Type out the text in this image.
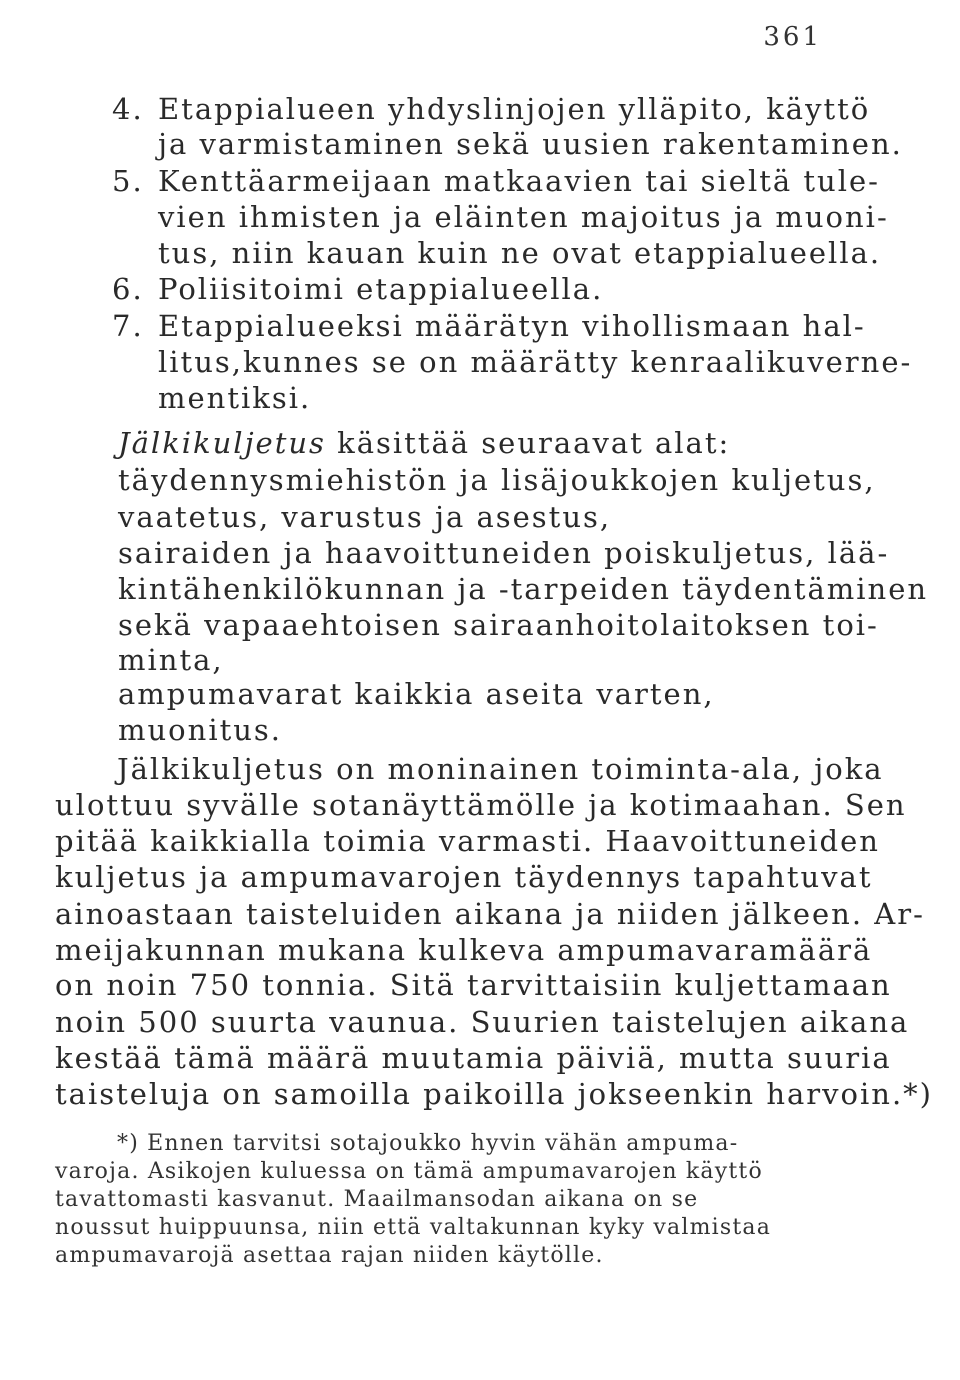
361
4. Etappialueen yhdyslinjojen ylläpito, käyttö
ja varmistaminen sekä uusien rakentaminen.
5. Kenttäarmeijaan matkaavien tai sieltä tule-
vien ihmisten ja eläinten majoitus ja muoni-
tus, niin kauan kuin ne ovat etappialueella.
6. Poliisitoimi etappialueella.
7. Etappialueeksi määrätyn vihollismaan hal-
litus,kunnes se on määrätty kenraalikuverne-
mentiksi.
Jälkikuljetus käsittää seuraavat alat:
täydennysmiehistön ja lisäjoukkojen kuljetus,
vaatetus, varustus ja asestus,
sairaiden ja haavoittuneiden poiskuljetus, lää-
kintähenkilökunnan ja -tarpeiden täydentäminen
sekä vapaaehtoisen sairaanhoitolaitoksen toi-
minta,
ampumavarat kaikkia aseita varten,
muonitus.
Jälkikuljetus on moninainen toiminta-ala, joka
ulottuu syvälle sotanäyttämölle ja kotimaahan. Sen
pitää kaikkialla toimia varmasti. Haavoittuneiden
kuljetus ja ampumavarojen täydennys tapahtuvat
ainoastaan taisteluiden aikana ja niiden jälkeen. Ar-
meijakunnan mukana kulkeva ampumavaramäärä
on noin 750 tonnia. Sitä tarvittaisiin kuljettamaan
noin 500 suurta vaunua. Suurien taistelujen aikana
kestää tämä määrä muutamia päiviä, mutta suuria
taisteluja on samoilla paikoilla jokseenkin harvoin.*)
*) Ennen tarvitsi sotajoukko hyvin vähän ampuma-
varoja. Asikojen kuluessa on tämä ampumavarojen käyttö
tavattomasti kasvanut. Maailmansodan aikana on se
noussut huippuunsa, niin että valtakunnan kyky valmistaa
ampumavarojä asettaa rajan niiden käytölle.
